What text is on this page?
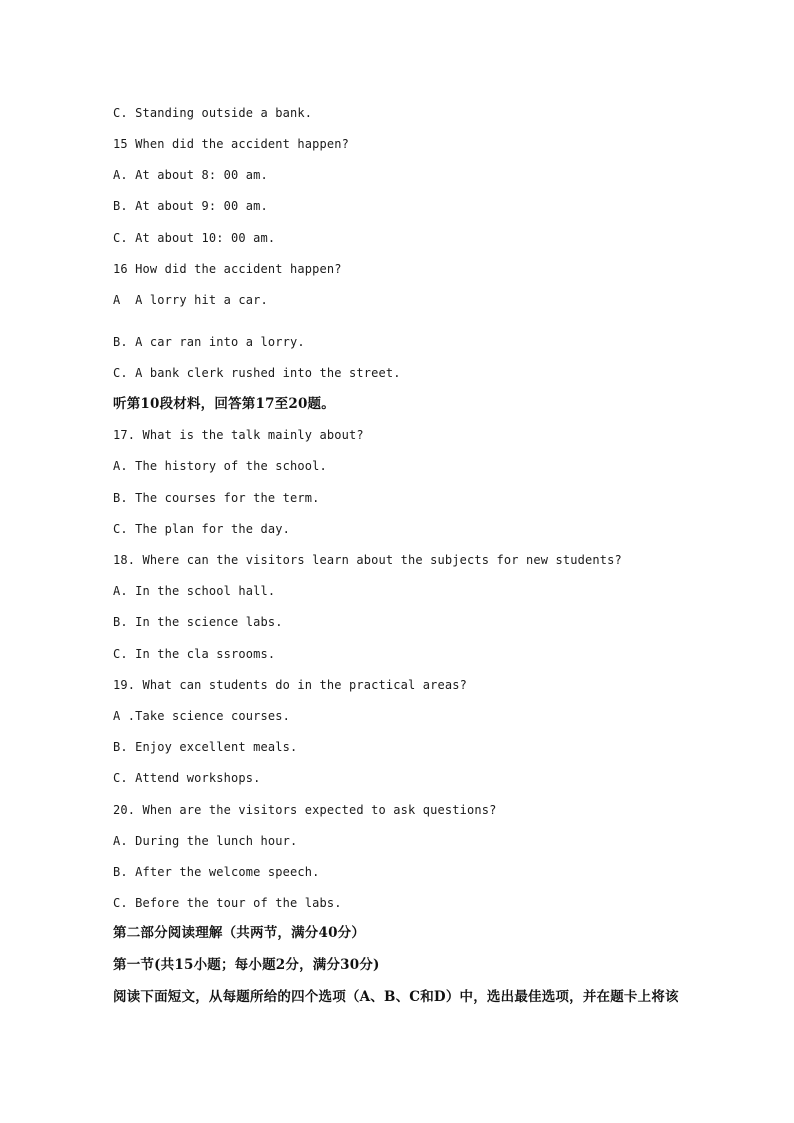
C. Standing outside a bank.
15 When did the accident happen?
A. At about 8: 00 am.
B. At about 9: 00 am.
C. At about 10: 00 am.
16 How did the accident happen?
A  A lorry hit a car.
B. A car ran into a lorry.
C. A bank clerk rushed into the street.
听第10段材料，回答第17至20题。
17. What is the talk mainly about?
A. The history of the school.
B. The courses for the term.
C. The plan for the day.
18. Where can the visitors learn about the subjects for new students?
A. In the school hall.
B. In the science labs.
C. In the cla ssrooms.
19. What can students do in the practical areas?
A .Take science courses.
B. Enjoy excellent meals.
C. Attend workshops.
20. When are the visitors expected to ask questions?
A. During the lunch hour.
B. After the welcome speech.
C. Before the tour of the labs.
第二部分阅读理解（共两节，满分40分）
第一节(共15小题；每小题2分，满分30分)
阅读下面短文，从每题所给的四个选项（A、B、C和D）中，选出最佳选项，并在题卡上将该
